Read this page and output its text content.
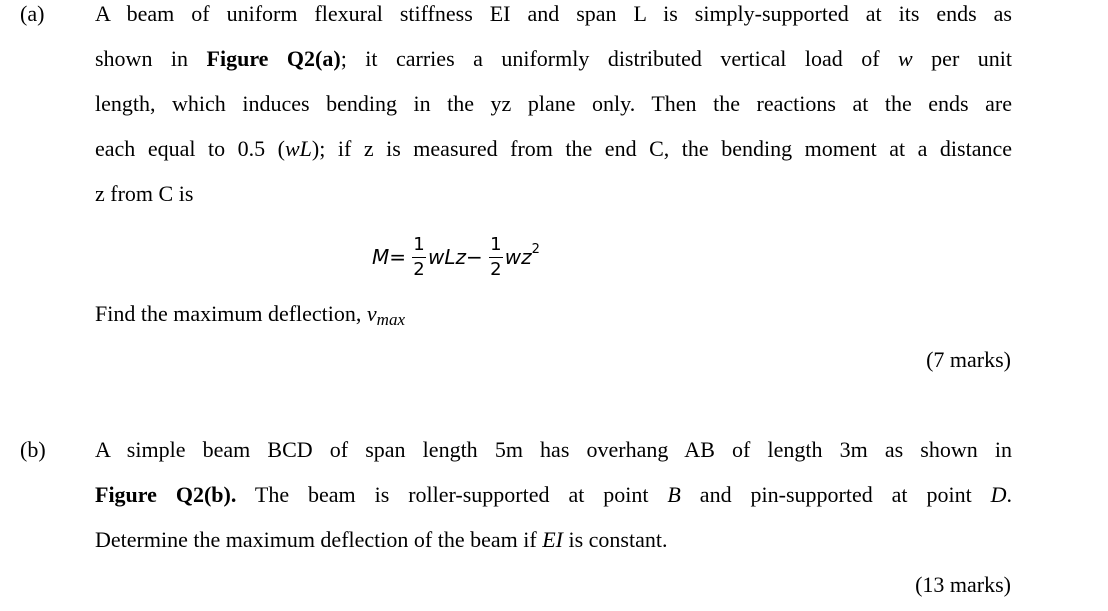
(a) A beam of uniform flexural stiffness EI and span L is simply-supported at its ends as
shown in Figure Q2(a); it carries a uniformly distributed vertical load of w per unit
length, which induces bending in the yz plane only. Then the reactions at the ends are
each equal to 0.5 (wL); if z is measured from the end C, the bending moment at a distance
z from C is
$M = \frac{1}{2}$ wLz − $\frac{1}{2} wz^2$
Find the maximum deflection, vmax
(7 marks)
(b) A simple beam BCD of span length 5m has overhang AB of length 3m as shown in
Figure Q2(b). The beam is roller-supported at point B and pin-supported at point D.
Determine the maximum deflection of the beam if EI is constant.
(13 marks)
